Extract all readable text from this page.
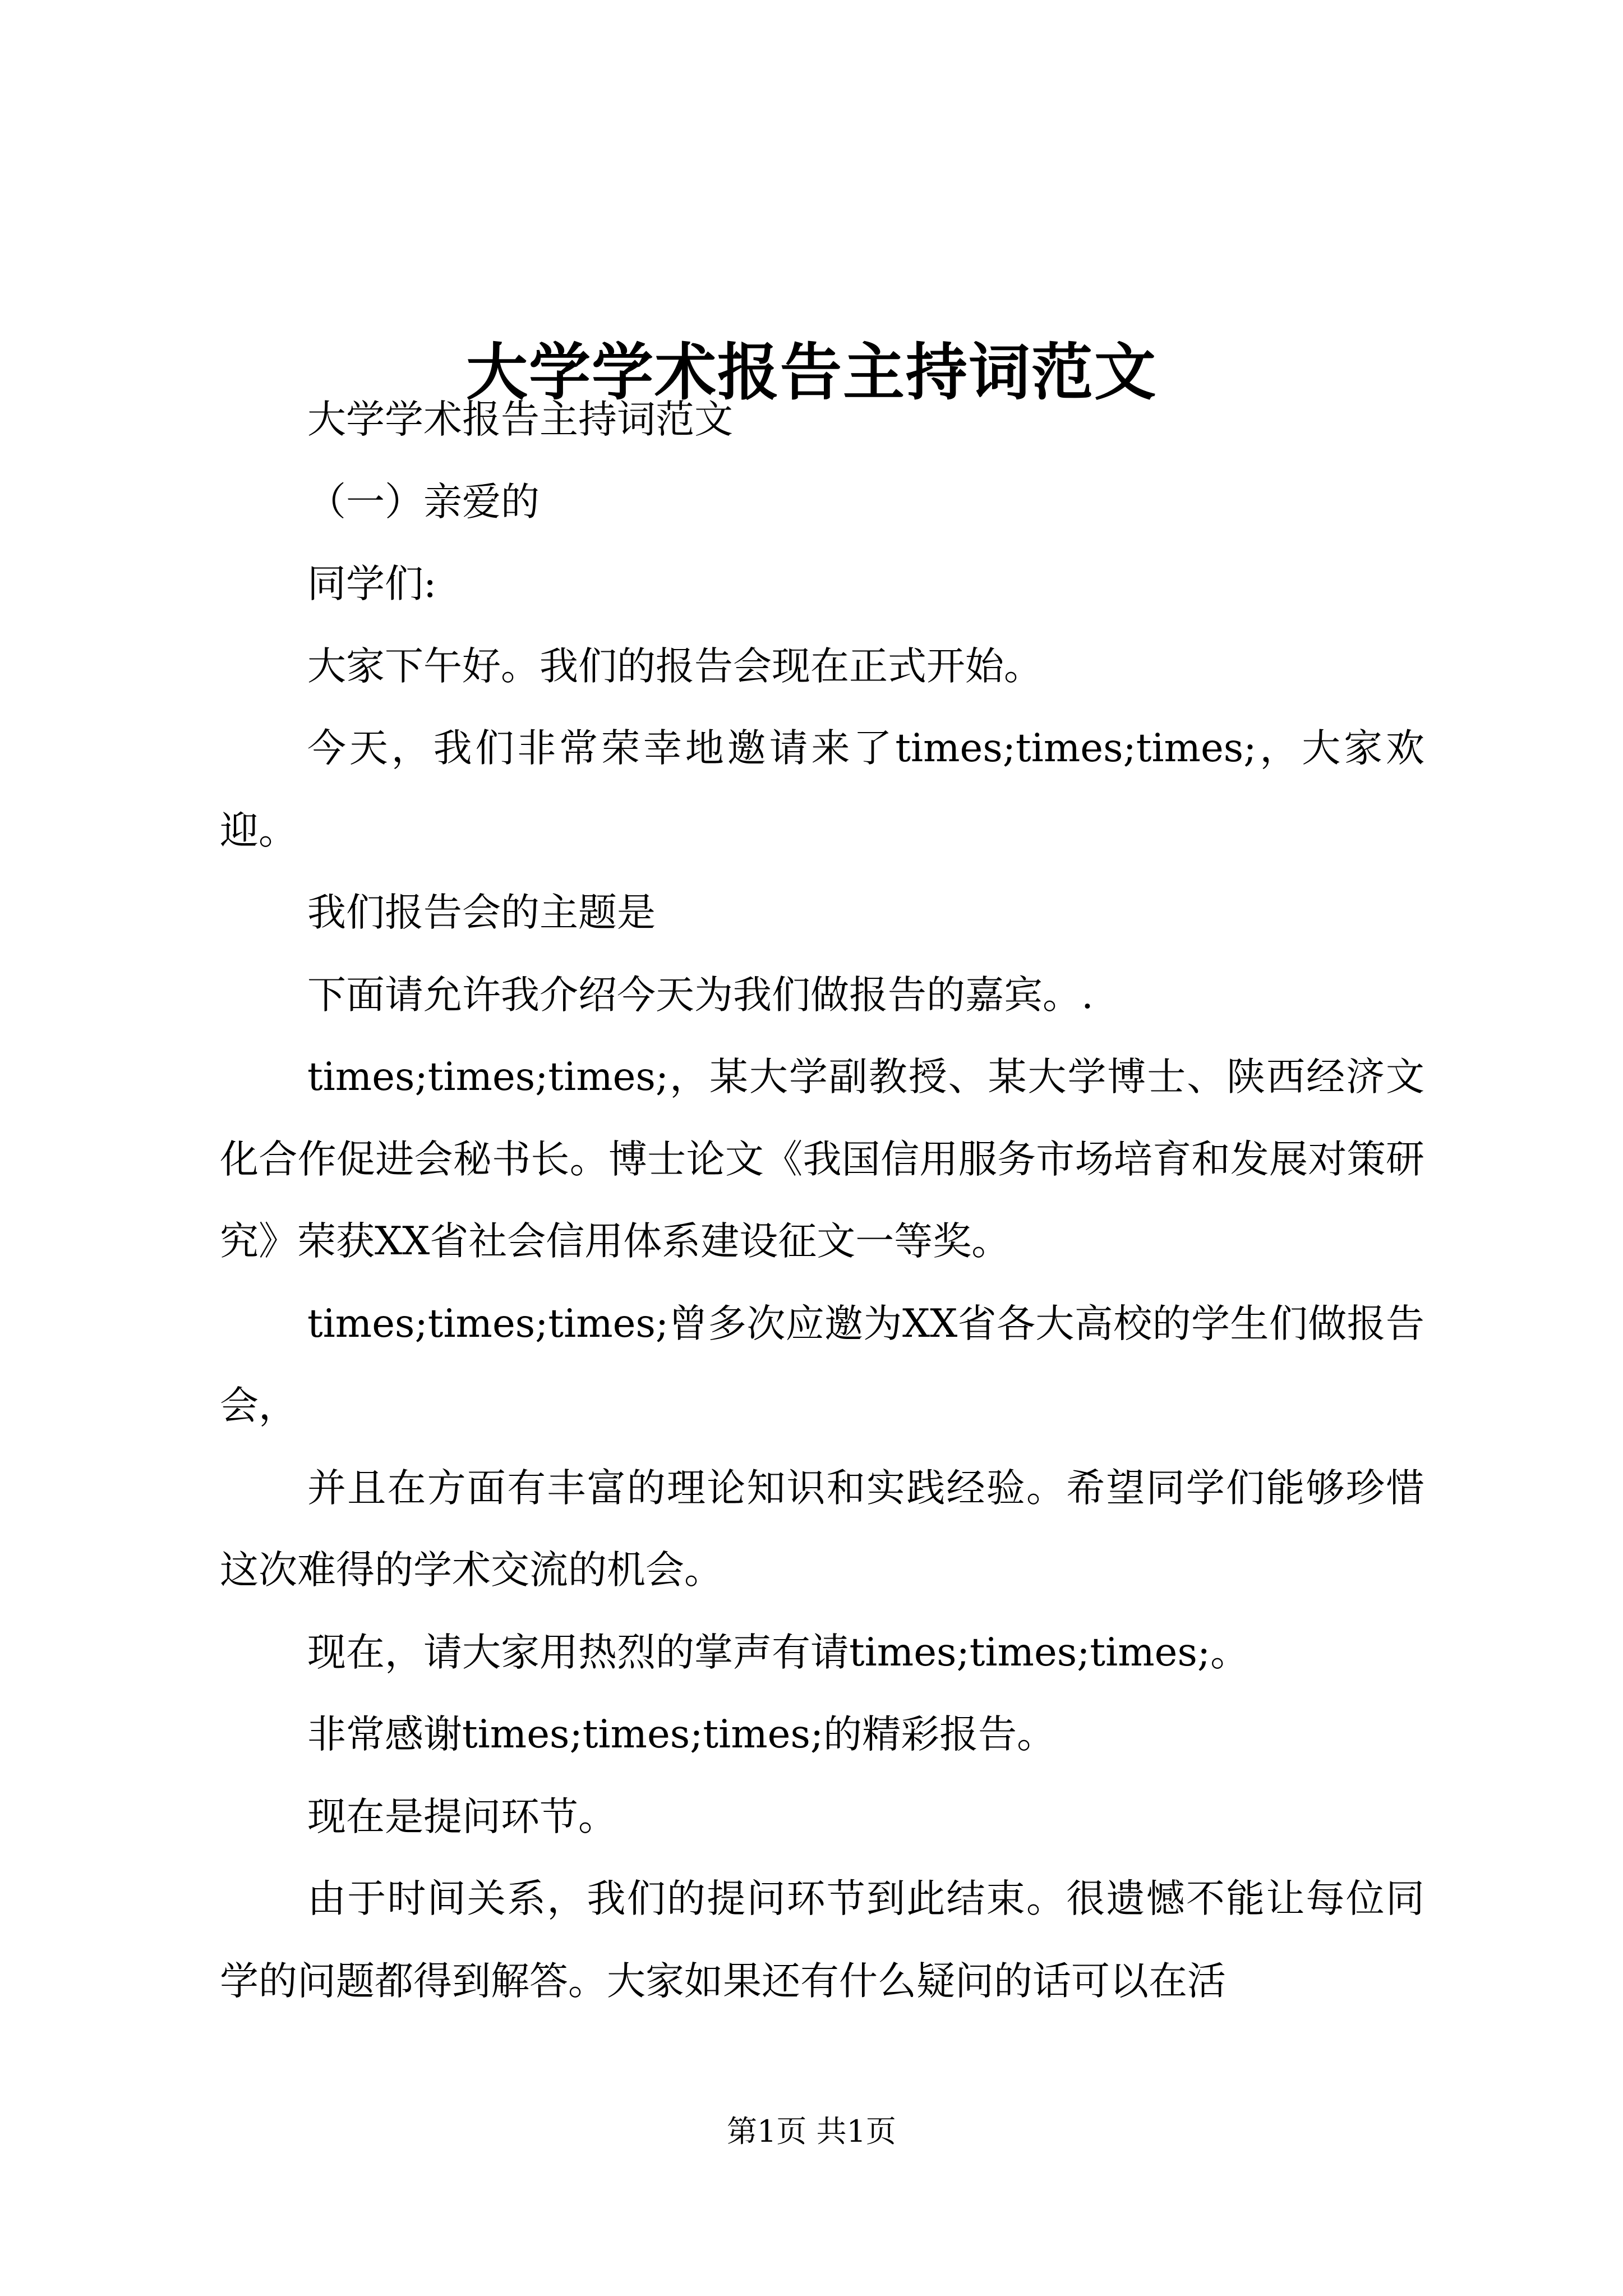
大学学术报告主持词范文

大学学术报告主持词范文

（一）亲爱的

同学们:

大家下午好。我们的报告会现在正式开始。

今天，我们非常荣幸地邀请来了times;times;times;，大家欢迎。

我们报告会的主题是

下面请允许我介绍今天为我们做报告的嘉宾。.

times;times;times;，某大学副教授、某大学博士、陕西经济文化合作促进会秘书长。博士论文《我国信用服务市场培育和发展对策研究》荣获XX省社会信用体系建设征文一等奖。

times;times;times;曾多次应邀为XX省各大高校的学生们做报告会，

并且在方面有丰富的理论知识和实践经验。希望同学们能够珍惜这次难得的学术交流的机会。

现在，请大家用热烈的掌声有请times;times;times;。

非常感谢times;times;times;的精彩报告。

现在是提问环节。

由于时间关系，我们的提问环节到此结束。很遗憾不能让每位同学的问题都得到解答。大家如果还有什么疑问的话可以在活

第1页 共1页
